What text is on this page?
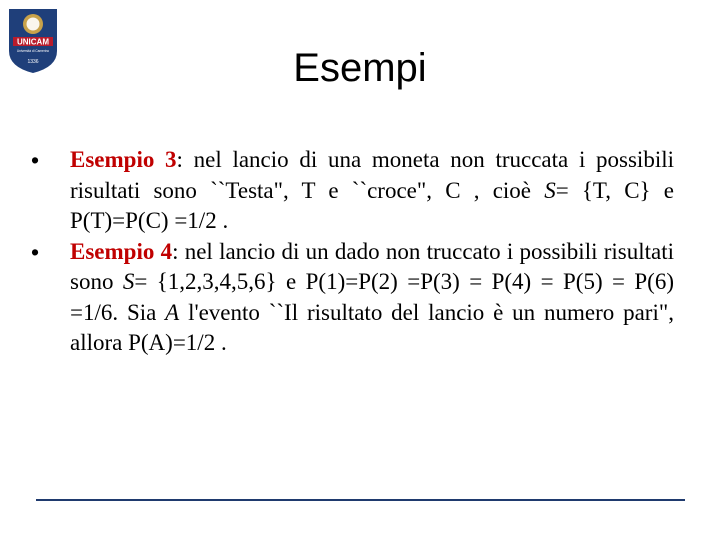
UNICAM
Università di Camerino
1336	Esempi
• Esempio 3: nel lancio di una moneta non truccata i possibili risultati sono ``Testa", T e ``croce", C , cioè S= {T, C} e P(T)=P(C) =1/2 .
• Esempio 4: nel lancio di un dado non truccato i possibili risultati sono S= {1,2,3,4,5,6} e P(1)=P(2) =P(3) = P(4) = P(5) = P(6) =1/6. Sia A l'evento ``Il risultato del lancio è un numero pari", allora P(A)=1/2 .
